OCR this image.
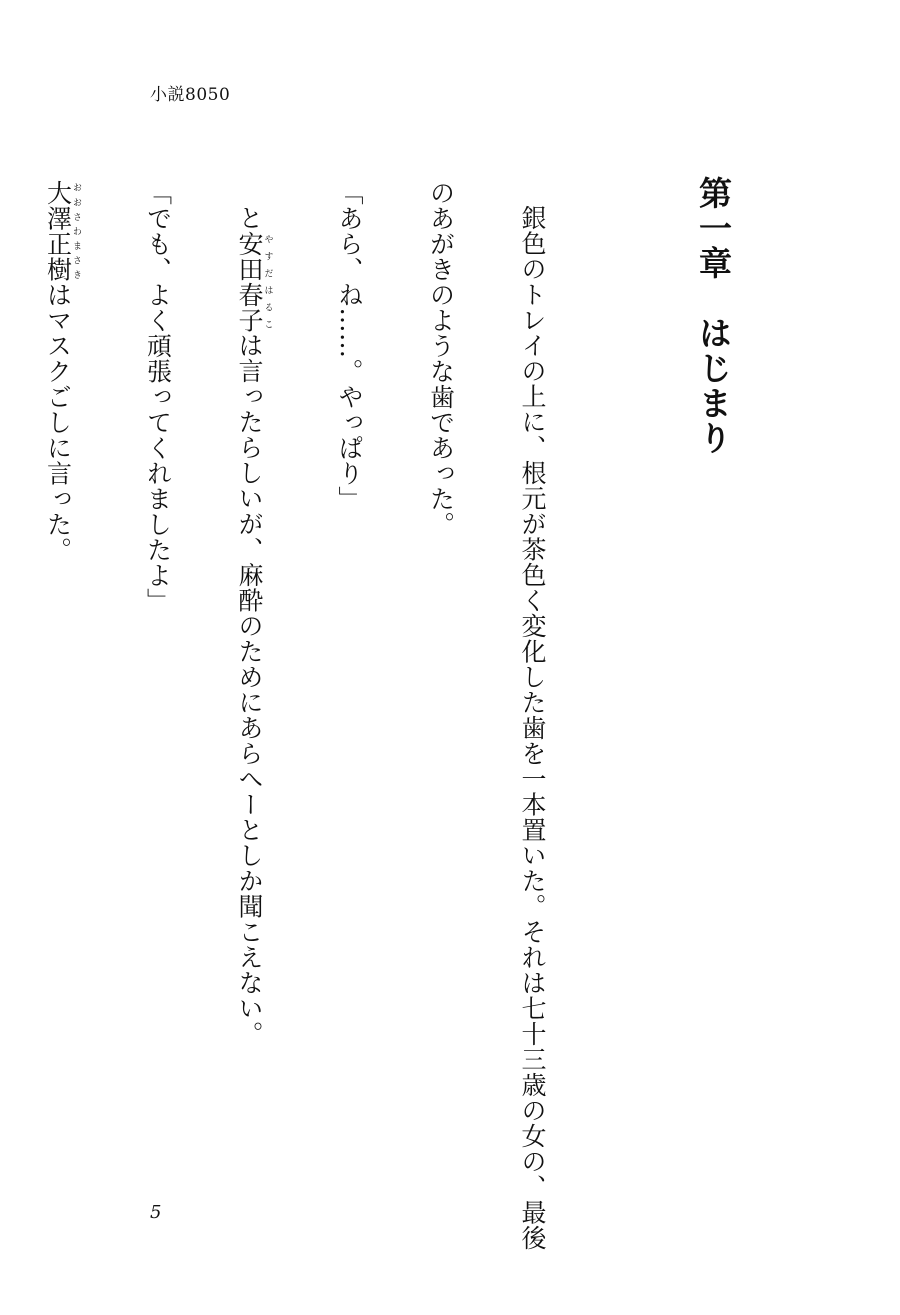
小説8050
第一章　はじまり

銀色のトレイの上に、根元が茶色く変化した歯を一本置いた。それは七十三歳の女の、最後

のあがきのような歯であった。

「あら、ね……。やっぱり」

と安田やすだ春子はるこは言ったらしいが、麻酔のためにあらへーとしか聞こえない。

「でも、よく頑張ってくれましたよ」

大澤正樹おおさわまさきはマスクごしに言った。

5
